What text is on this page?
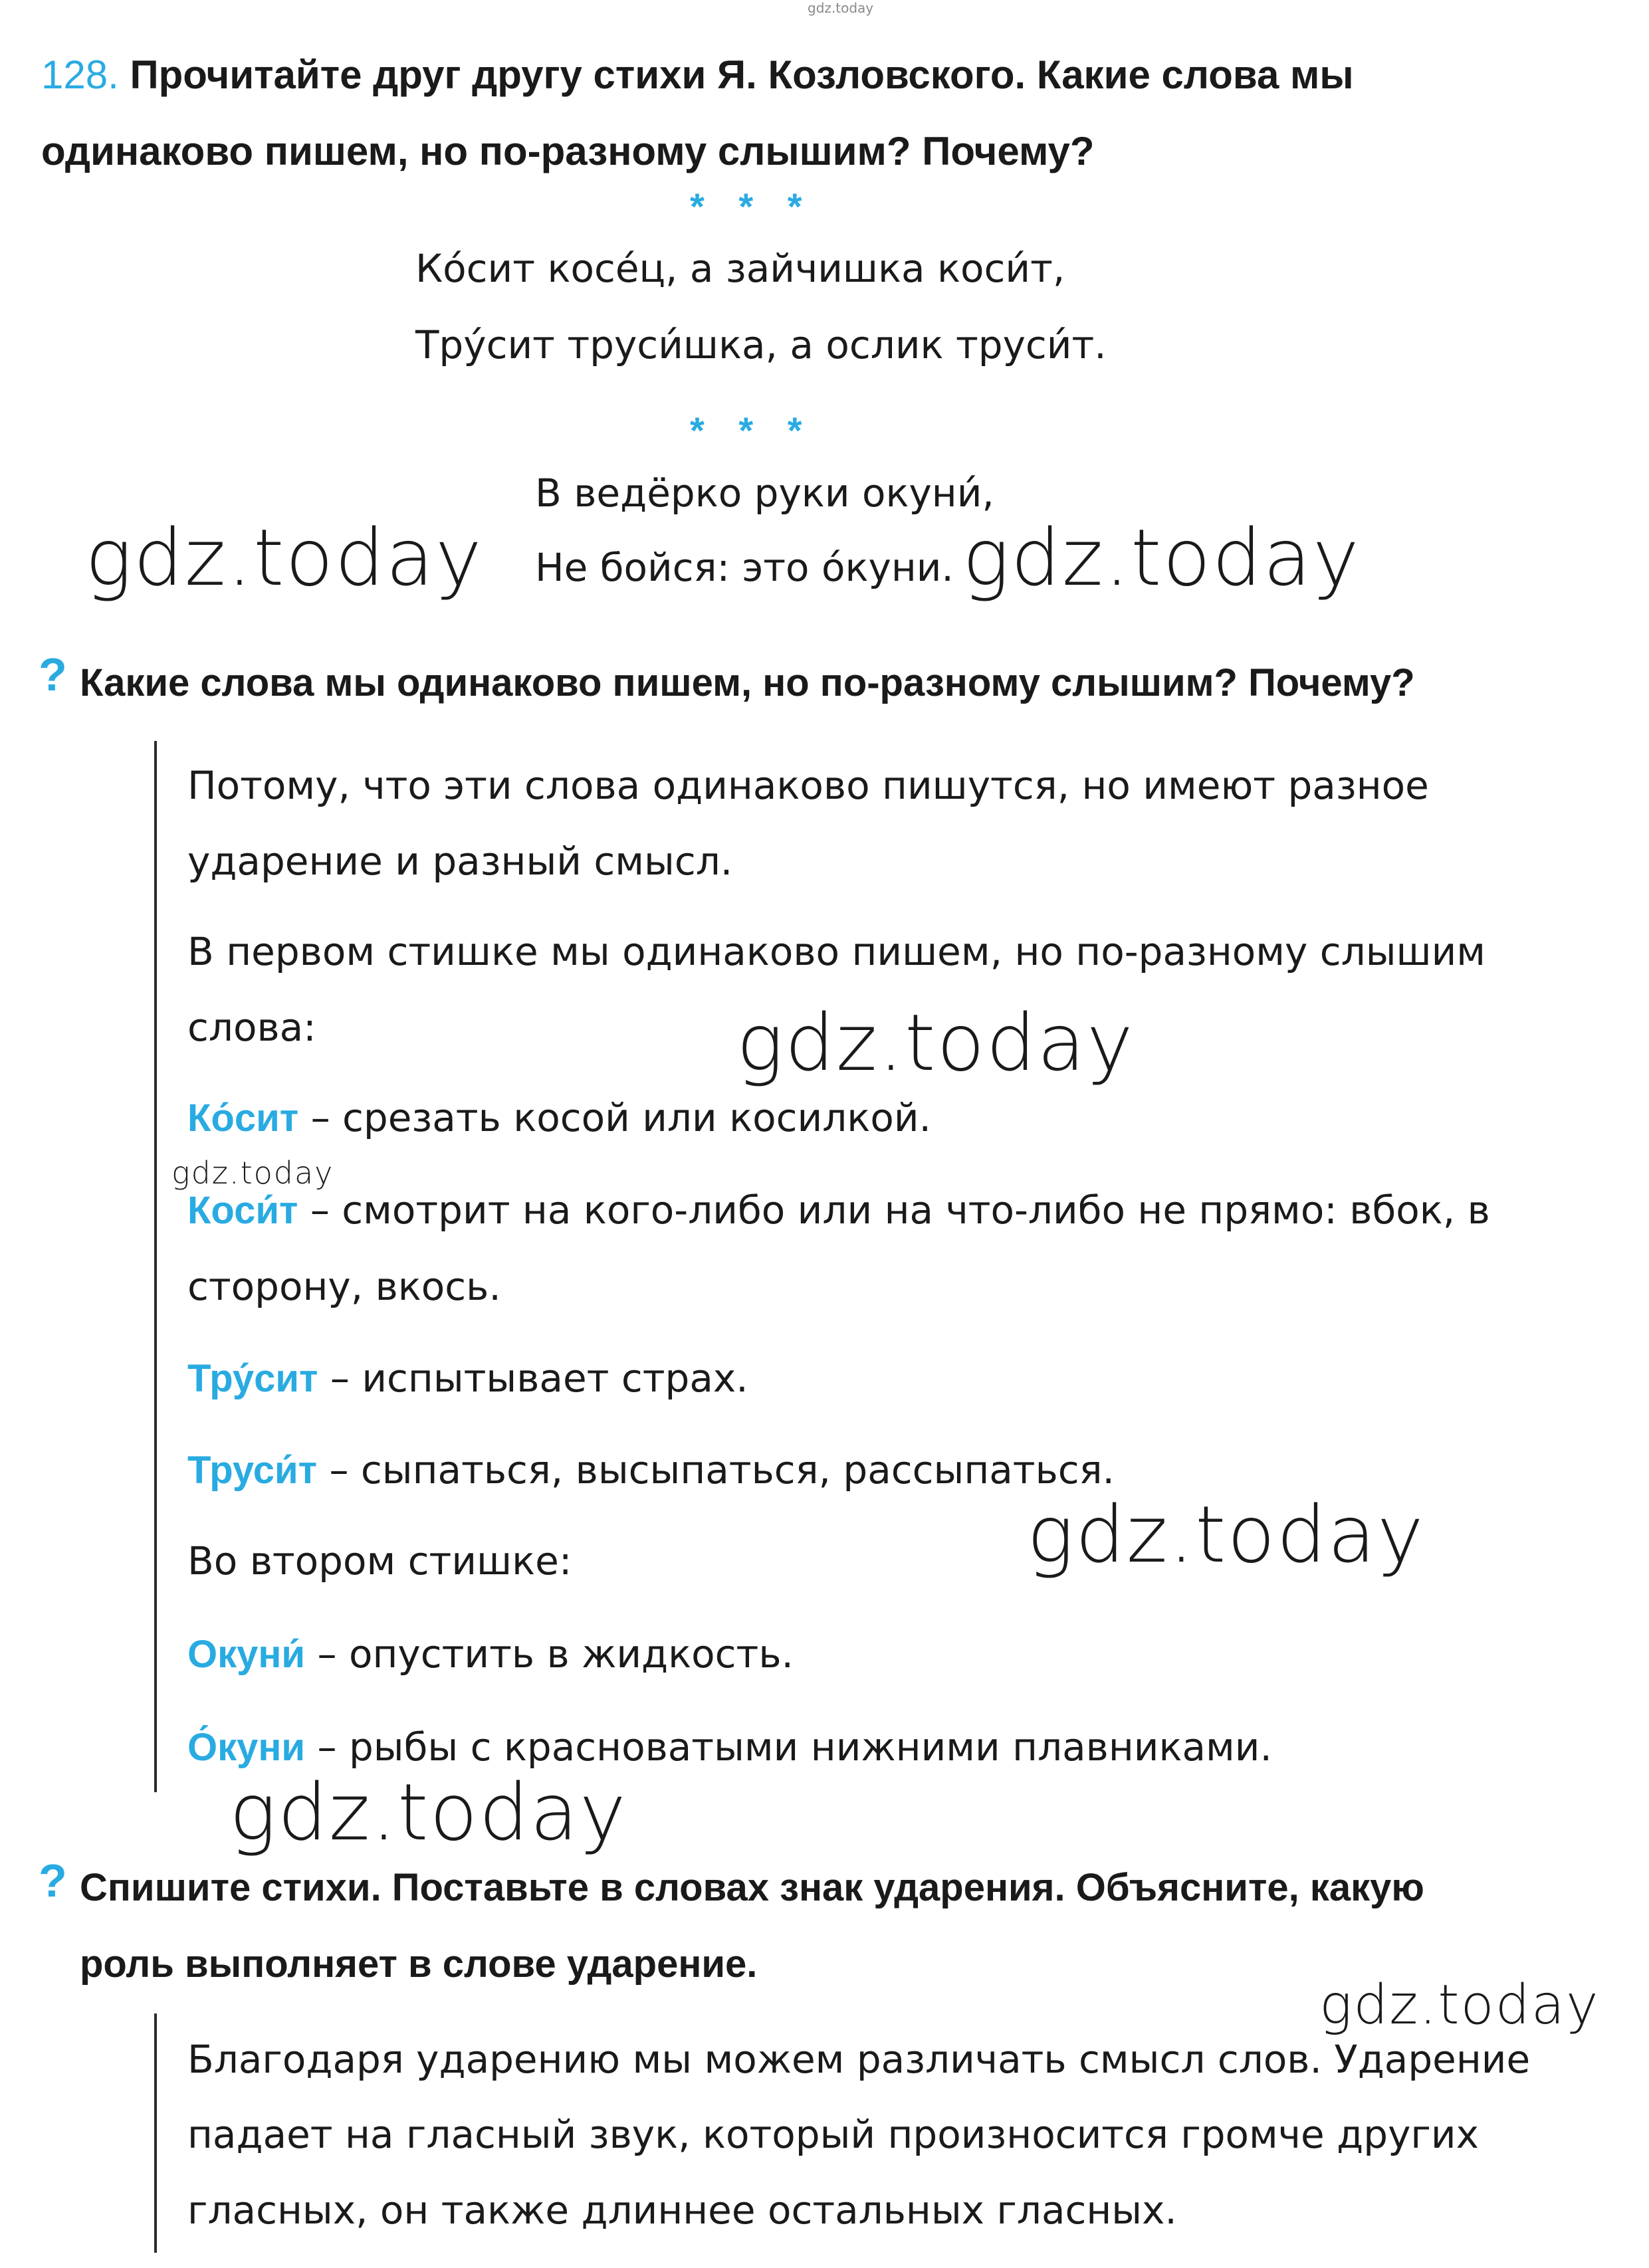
gdz.today
128. Прочитайте друг другу стихи Я. Козловского. Какие слова мы
одинаково пишем, но по-разному слышим? Почему?
* * *
Ко́сит косе́ц, а зайчишка коси́т,
Тру́сит труси́шка, а ослик труси́т.
* * *
В ведёрко руки окуни́,
Не бойся: это о́куни.
gdz.today	gdz.today
? Какие слова мы одинаково пишем, но по-разному слышим? Почему?
Потому, что эти слова одинаково пишутся, но имеют разное
ударение и разный смысл.
В первом стишке мы одинаково пишем, но по-разному слышим
слова:
Ко́сит – срезать косой или косилкой.
Коси́т – смотрит на кого-либо или на что-либо не прямо: вбок, в
сторону, вкось.
Тру́сит – испытывает страх.
Труси́т – сыпаться, высыпаться, рассыпаться.
Во втором стишке:
Окуни́ – опустить в жидкость.
О́куни – рыбы с красноватыми нижними плавниками.
gdz.today
gdz.today
gdz.today
gdz.today
? Спишите стихи. Поставьте в словах знак ударения. Объясните, какую
роль выполняет в слове ударение.
gdz.today
Благодаря ударению мы можем различать смысл слов. Ударение
падает на гласный звук, который произносится громче других
гласных, он также длиннее остальных гласных.
